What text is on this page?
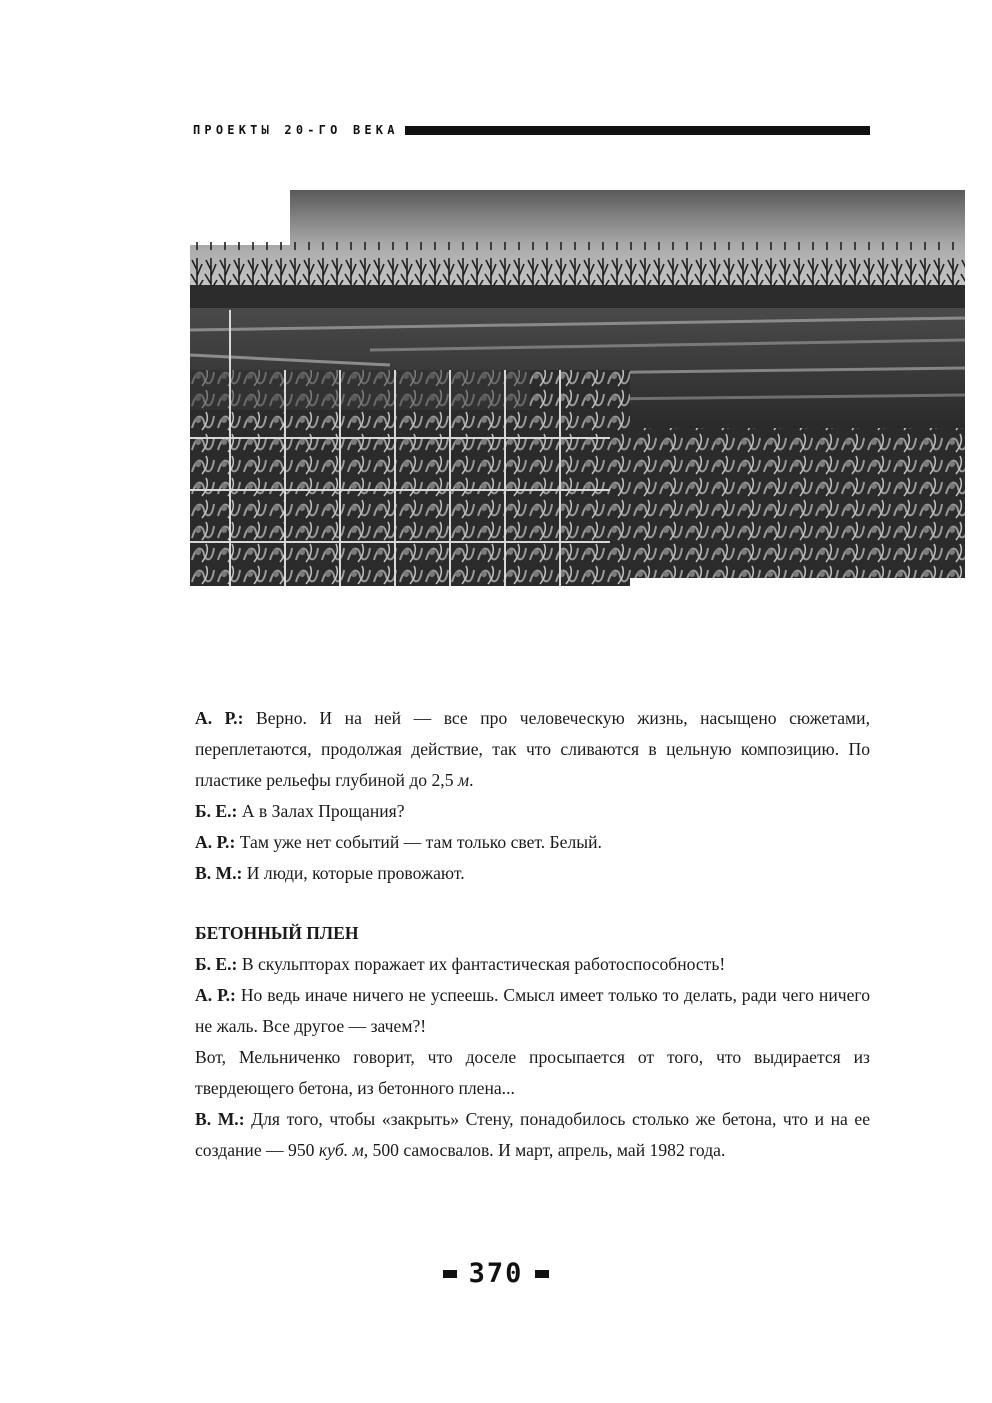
ПРОЕКТЫ 20-ГО ВЕКА

А. Р.: Верно. И на ней — все про человеческую жизнь, насыщено сюжетами, переплетаются, продолжая действие, так что сливаются в цельную композицию. По пластике рельефы глубиной до 2,5 м.

Б. Е.: А в Залах Прощания?

А. Р.: Там уже нет событий — там только свет. Белый.

В. М.: И люди, которые провожают.

БЕТОННЫЙ ПЛЕН

Б. Е.: В скульпторах поражает их фантастическая работоспособность!

А. Р.: Но ведь иначе ничего не успеешь. Смысл имеет только то делать, ради чего ничего не жаль. Все другое — зачем?!

Вот, Мельниченко говорит, что доселе просыпается от того, что выдирается из твердеющего бетона, из бетонного плена...

В. М.: Для того, чтобы «закрыть» Стену, понадобилось столько же бетона, что и на ее создание — 950 куб. м, 500 самосвалов. И март, апрель, май 1982 года.

370
